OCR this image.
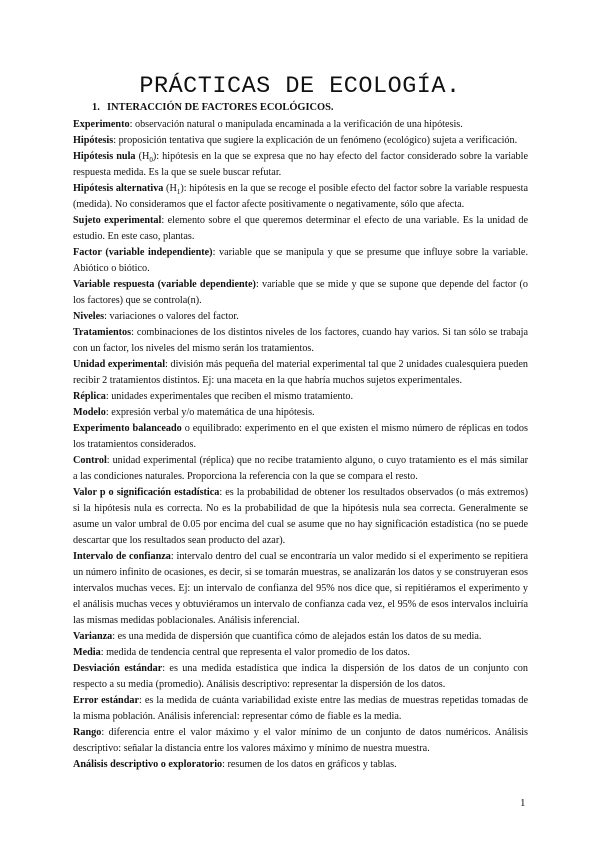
PRÁCTICAS DE ECOLOGÍA.
1. INTERACCIÓN DE FACTORES ECOLÓGICOS.

Experimento: observación natural o manipulada encaminada a la verificación de una hipótesis.

Hipótesis: proposición tentativa que sugiere la explicación de un fenómeno (ecológico) sujeta a verificación.

Hipótesis nula $(H_0)$: hipótesis en la que se expresa que no hay efecto del factor considerado sobre la variable respuesta medida. Es la que se suele buscar refutar.

Hipótesis alternativa $(H_1)$: hipótesis en la que se recoge el posible efecto del factor sobre la variable respuesta (medida). No consideramos que el factor afecte positivamente o negativamente, sólo que afecta.

Sujeto experimental: elemento sobre el que queremos determinar el efecto de una variable. Es la unidad de estudio. En este caso, plantas.

Factor (variable independiente): variable que se manipula y que se presume que influye sobre la variable. Abiótico o biótico.

Variable respuesta (variable dependiente): variable que se mide y que se supone que depende del factor (o los factores) que se controla(n).

Niveles: variaciones o valores del factor.

Tratamientos: combinaciones de los distintos niveles de los factores, cuando hay varios. Si tan sólo se trabaja con un factor, los niveles del mismo serán los tratamientos.

Unidad experimental: división más pequeña del material experimental tal que 2 unidades cualesquiera pueden recibir 2 tratamientos distintos. Ej: una maceta en la que habría muchos sujetos experimentales.

Réplica: unidades experimentales que reciben el mismo tratamiento.

Modelo: expresión verbal y/o matemática de una hipótesis.

Experimento balanceado o equilibrado: experimento en el que existen el mismo número de réplicas en todos los tratamientos considerados.

Control: unidad experimental (réplica) que no recibe tratamiento alguno, o cuyo tratamiento es el más similar a las condiciones naturales. Proporciona la referencia con la que se compara el resto.

Valor p o significación estadística: es la probabilidad de obtener los resultados observados (o más extremos) si la hipótesis nula es correcta. No es la probabilidad de que la hipótesis nula sea correcta. Generalmente se asume un valor umbral de 0.05 por encima del cual se asume que no hay significación estadística (no se puede descartar que los resultados sean producto del azar).

Intervalo de confianza: intervalo dentro del cual se encontraría un valor medido si el experimento se repitiera un número infinito de ocasiones, es decir, si se tomarán muestras, se analizarán los datos y se construyeran esos intervalos muchas veces. Ej: un intervalo de confianza del 95% nos dice que, si repitiéramos el experimento y el análisis muchas veces y obtuviéramos un intervalo de confianza cada vez, el 95% de esos intervalos incluiría las mismas medidas poblacionales. Análisis inferencial.

Varianza: es una medida de dispersión que cuantifica cómo de alejados están los datos de su media.

Media: medida de tendencia central que representa el valor promedio de los datos.

Desviación estándar: es una medida estadística que indica la dispersión de los datos de un conjunto con respecto a su media (promedio). Análisis descriptivo: representar la dispersión de los datos.

Error estándar: es la medida de cuánta variabilidad existe entre las medias de muestras repetidas tomadas de la misma población. Análisis inferencial: representar cómo de fiable es la media.

Rango: diferencia entre el valor máximo y el valor mínimo de un conjunto de datos numéricos. Análisis descriptivo: señalar la distancia entre los valores máximo y mínimo de nuestra muestra.

Análisis descriptivo o exploratorio: resumen de los datos en gráficos y tablas.

1
